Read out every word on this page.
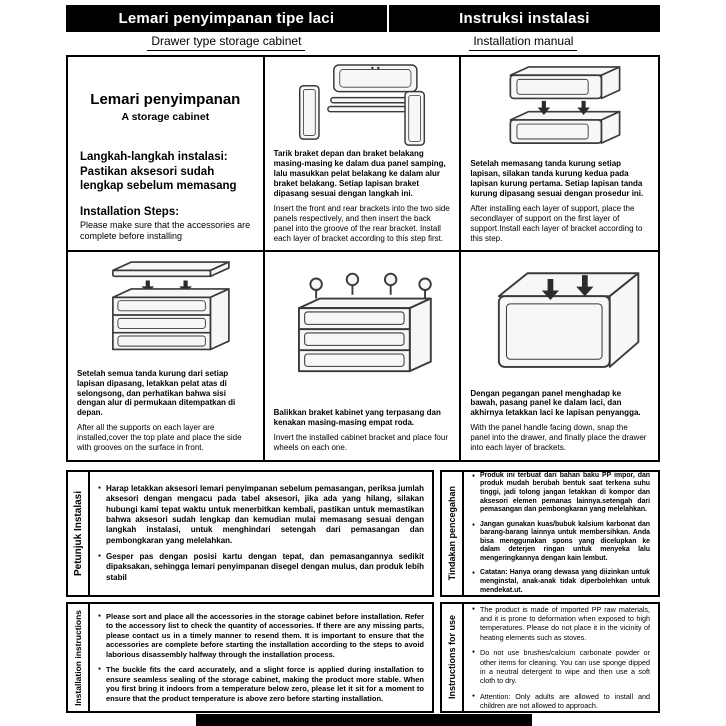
Lemari penyimpanan tipe laci	Instruksi instalasi
Drawer type storage cabinet	Installation manual
Lemari penyimpanan
A storage cabinet
Langkah-langkah instalasi:
Pastikan aksesori sudah lengkap sebelum memasang
Installation Steps:
Please make sure that the accessories are complete before installing
Tarik braket depan dan braket belakang masing-masing ke dalam dua panel samping, lalu masukkan pelat belakang ke dalam alur braket belakang. Setiap lapisan braket dipasang sesuai dengan langkah ini.
Insert the front and rear brackets into the two side panels respectively, and then insert the back panel into the groove of the rear bracket. Install each layer of bracket according to this step first.
Setelah memasang tanda kurung setiap lapisan, silakan tanda kurung kedua pada lapisan kurung pertama. Setiap lapisan tanda kurung dipasang sesuai dengan prosedur ini.
After installing each layer of support, place the secondlayer of support on the first layer of support.Install each layer of bracket according to this step.
Setelah semua tanda kurung dari setiap lapisan dipasang, letakkan pelat atas di selongsong, dan perhatikan bahwa sisi dengan alur di permukaan ditempatkan di depan.
After all the supports on each layer are installed,cover the top plate and place the side with grooves on the surface in front.
Balikkan braket kabinet yang terpasang dan kenakan masing-masing empat roda.
Invert the installed cabinet bracket and place four wheels on each one.
Dengan pegangan panel menghadap ke bawah, pasang panel ke dalam laci, dan akhirnya letakkan laci ke lapisan penyangga.
With the panel handle facing down, snap the panel into the drawer, and finally place the drawer into each layer of brackets.
Petunjuk Instalasi
● Harap letakkan aksesori lemari penyimpanan sebelum pemasangan, periksa jumlah aksesori dengan mengacu pada tabel aksesori, jika ada yang hilang, silakan hubungi kami tepat waktu untuk menerbitkan kembali, pastikan untuk memastikan bahwa aksesori sudah lengkap dan kemudian mulai memasang sesuai dengan langkah instalasi, untuk menghindari setengah dari pemasangan dan pembongkaran yang melelahkan.
● Gesper pas dengan posisi kartu dengan tepat, dan pemasangannya sedikit dipaksakan, sehingga lemari penyimpanan disegel dengan mulus, dan produk lebih stabil	Tindakan pencegahan
● Produk ini terbuat dari bahan baku PP impor, dan produk mudah berubah bentuk saat terkena suhu tinggi, jadi tolong jangan letakkan di kompor dan aksesori elemen pemanas lainnya.setengah dari pemasangan dan pembongkaran yang melelahkan.
● Jangan gunakan kuas/bubuk kalsium karbonat dan barang-barang lainnya untuk membersihkan. Anda bisa menggunakan spons yang dicelupkan ke dalam deterjen ringan untuk menyeka lalu mengeringkannya dengan kain lembut.
● Catatan: Hanya orang dewasa yang diizinkan untuk menginstal, anak-anak tidak diperbolehkan untuk mendekat.ut.
Installation instructions	● Please sort and place all the accessories in the storage cabinet before installation. Refer to the accessory list to check the quantity of accessories. If there are any missing parts, please contact us in a timely manner to resend them. It is important to ensure that the accessories are complete before starting the installation according to the steps to avoid laborious disassembly halfway through the installation process.
● The buckle fits the card accurately, and a slight force is applied during installation to ensure seamless sealing of the storage cabinet, making the product more stable. When you first bring it indoors from a temperature below zero, please let it sit for a moment to ensure that the product temperature is above zero before starting installation.	Instructions for use
● The product is made of imported PP raw materials, and it is prone to deformation when exposed to high temperatures. Please do not place it in the vicinity of heating elements such as stoves.
● Do not use brushes/calcium carbonate powder or other items for cleaning. You can use sponge dipped in a neutral detergent to wipe and then use a soft cloth to dry.
● Attention: Only adults are allowed to install and children are not allowed to approach.
